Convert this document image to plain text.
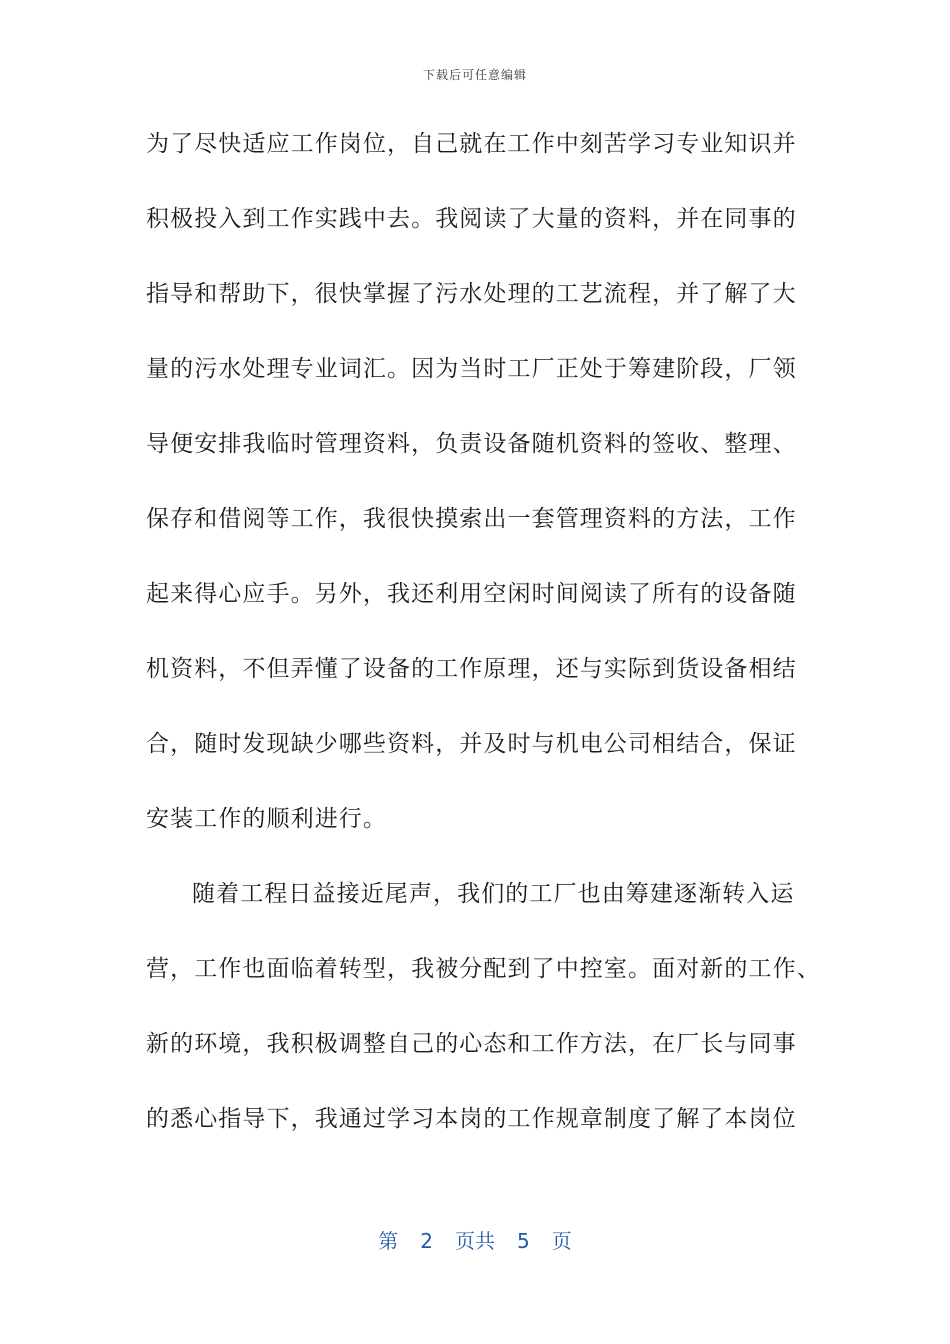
下载后可任意编辑
为了尽快适应工作岗位，自己就在工作中刻苦学习专业知识并
积极投入到工作实践中去。我阅读了大量的资料，并在同事的
指导和帮助下，很快掌握了污水处理的工艺流程，并了解了大
量的污水处理专业词汇。因为当时工厂正处于筹建阶段，厂领
导便安排我临时管理资料，负责设备随机资料的签收、整理、
保存和借阅等工作，我很快摸索出一套管理资料的方法，工作
起来得心应手。另外，我还利用空闲时间阅读了所有的设备随
机资料，不但弄懂了设备的工作原理，还与实际到货设备相结
合，随时发现缺少哪些资料，并及时与机电公司相结合，保证
安装工作的顺利进行。
随着工程日益接近尾声，我们的工厂也由筹建逐渐转入运
营，工作也面临着转型，我被分配到了中控室。面对新的工作、
新的环境，我积极调整自己的心态和工作方法，在厂长与同事
的悉心指导下，我通过学习本岗的工作规章制度了解了本岗位
第 2 页共 5 页
